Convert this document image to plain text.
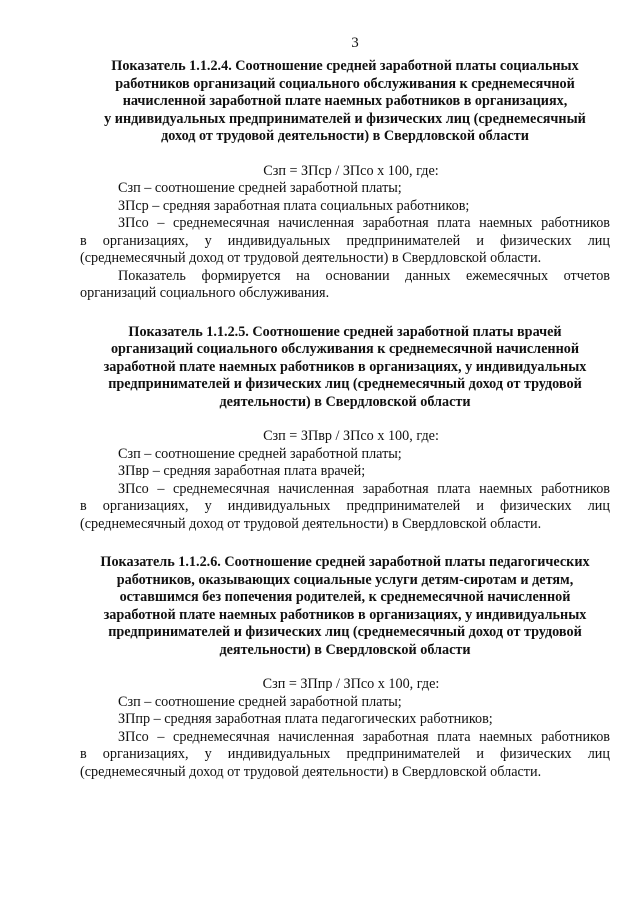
3
Показатель 1.1.2.4. Соотношение средней заработной платы социальных
работников организаций социального обслуживания к среднемесячной
начисленной заработной плате наемных работников в организациях,
у индивидуальных предпринимателей и физических лиц (среднемесячный
доход от трудовой деятельности) в Свердловской области
Сзп = ЗПср / ЗПсо x 100, где:
Сзп – соотношение средней заработной платы;
ЗПср – средняя заработная плата социальных работников;
ЗПсо – среднемесячная начисленная заработная плата наемных работников
в организациях, у индивидуальных предпринимателей и физических лиц
(среднемесячный доход от трудовой деятельности) в Свердловской области.
Показатель формируется на основании данных ежемесячных отчетов
организаций социального обслуживания.
Показатель 1.1.2.5. Соотношение средней заработной платы врачей
организаций социального обслуживания к среднемесячной начисленной
заработной плате наемных работников в организациях, у индивидуальных
предпринимателей и физических лиц (среднемесячный доход от трудовой
деятельности) в Свердловской области
Сзп = ЗПвр / ЗПсо x 100, где:
Сзп – соотношение средней заработной платы;
ЗПвр – средняя заработная плата врачей;
ЗПсо – среднемесячная начисленная заработная плата наемных работников
в организациях, у индивидуальных предпринимателей и физических лиц
(среднемесячный доход от трудовой деятельности) в Свердловской области.
Показатель 1.1.2.6. Соотношение средней заработной платы педагогических
работников, оказывающих социальные услуги детям-сиротам и детям,
оставшимся без попечения родителей, к среднемесячной начисленной
заработной плате наемных работников в организациях, у индивидуальных
предпринимателей и физических лиц (среднемесячный доход от трудовой
деятельности) в Свердловской области
Сзп = ЗПпр / ЗПсо x 100, где:
Сзп – соотношение средней заработной платы;
ЗПпр – средняя заработная плата педагогических работников;
ЗПсо – среднемесячная начисленная заработная плата наемных работников
в организациях, у индивидуальных предпринимателей и физических лиц
(среднемесячный доход от трудовой деятельности) в Свердловской области.
